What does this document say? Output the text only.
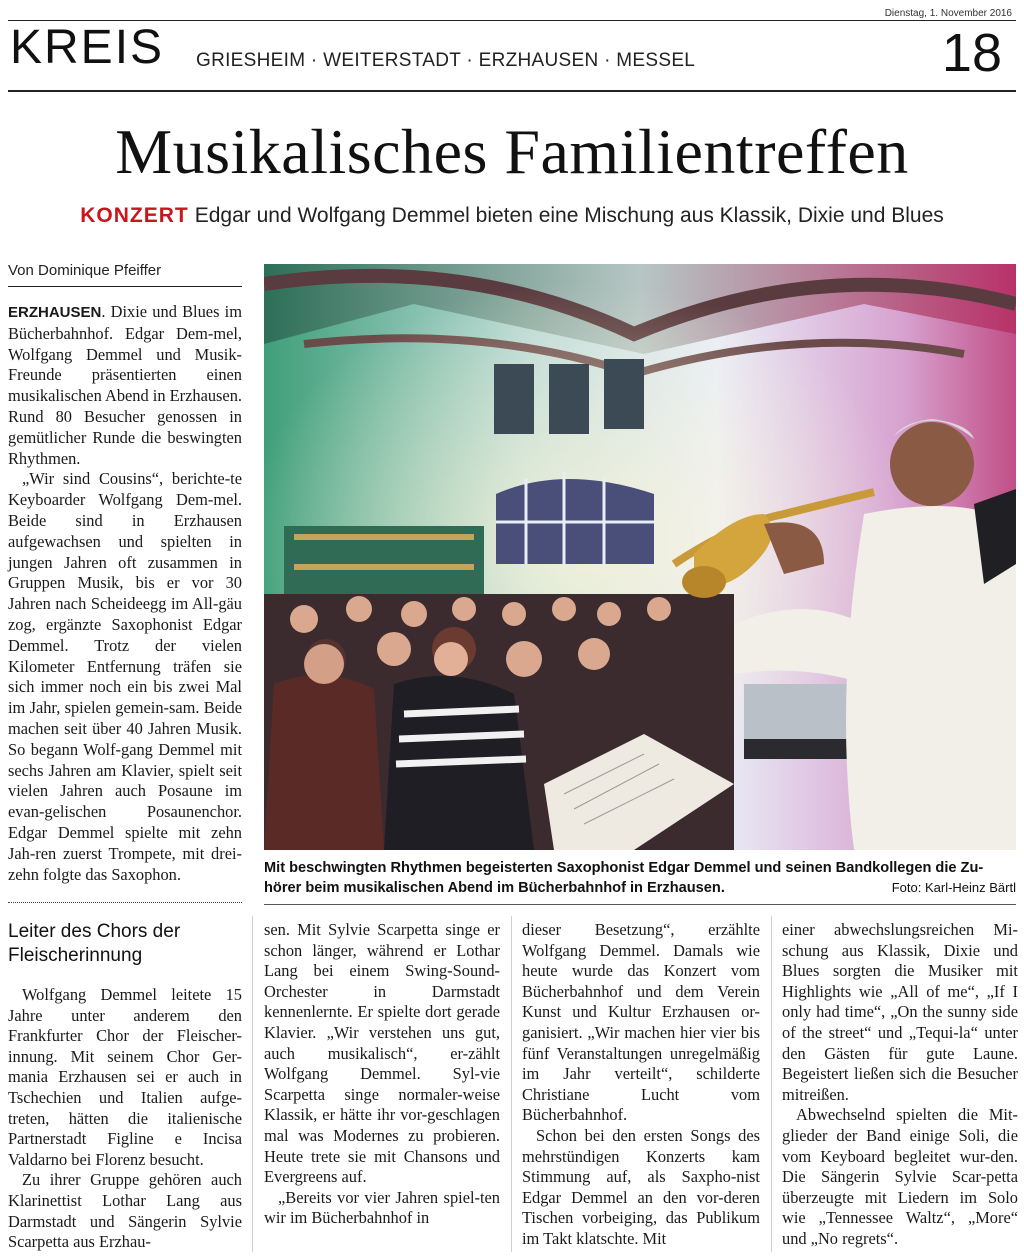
Dienstag, 1. November 2016
KREIS GRIESHEIM · WEITERSTADT · ERZHAUSEN · MESSEL	18
Musikalisches Familientreffen
KONZERT Edgar und Wolfgang Demmel bieten eine Mischung aus Klassik, Dixie und Blues
Von Dominique Pfeiffer

ERZHAUSEN. Dixie und Blues im Bücherbahnhof. Edgar Dem-mel, Wolfgang Demmel und Musik-Freunde präsentierten einen musikalischen Abend in Erzhausen. Rund 80 Besucher genossen in gemütlicher Runde die beswingten Rhythmen.

„Wir sind Cousins“, berichte-te Keyboarder Wolfgang Dem-mel. Beide sind in Erzhausen aufgewachsen und spielten in jungen Jahren oft zusammen in Gruppen Musik, bis er vor 30 Jahren nach Scheideegg im All-gäu zog, ergänzte Saxophonist Edgar Demmel. Trotz der vielen Kilometer Entfernung träfen sie sich immer noch ein bis zwei Mal im Jahr, spielen gemein-sam. Beide machen seit über 40 Jahren Musik. So begann Wolf-gang Demmel mit sechs Jahren am Klavier, spielt seit vielen Jahren auch Posaune im evan-gelischen Posaunenchor. Edgar Demmel spielte mit zehn Jah-ren zuerst Trompete, mit drei-zehn folgte das Saxophon.	Mit beschwingten Rhythmen begeisterten Saxophonist Edgar Demmel und seinen Bandkollegen die Zu-hörer beim musikalischen Abend im Bücherbahnhof in Erzhausen.	Foto: Karl-Heinz Bärtl
Leiter des Chors der Fleischerinnung

Wolfgang Demmel leitete 15 Jahre unter anderem den Frankfurter Chor der Fleischer-innung. Mit seinem Chor Ger-mania Erzhausen sei er auch in Tschechien und Italien aufge-treten, hätten die italienische Partnerstadt Figline e Incisa Valdarno bei Florenz besucht.

Zu ihrer Gruppe gehören auch Klarinettist Lothar Lang aus Darmstadt und Sängerin Sylvie Scarpetta aus Erzhau-

sen. Mit Sylvie Scarpetta singe er schon länger, während er Lothar Lang bei einem Swing-Sound-Orchester in Darmstadt kennenlernte. Er spielte dort gerade Klavier. „Wir verstehen uns gut, auch musikalisch“, er-zählt Wolfgang Demmel. Syl-vie Scarpetta singe normaler-weise Klassik, er hätte ihr vor-geschlagen mal was Modernes zu probieren. Heute trete sie mit Chansons und Evergreens auf.

„Bereits vor vier Jahren spiel-ten wir im Bücherbahnhof in

dieser Besetzung“, erzählte Wolfgang Demmel. Damals wie heute wurde das Konzert vom Bücherbahnhof und dem Verein Kunst und Kultur Erzhausen or-ganisiert. „Wir machen hier vier bis fünf Veranstaltungen unregelmäßig im Jahr verteilt“, schilderte Christiane Lucht vom Bücherbahnhof.

Schon bei den ersten Songs des mehrstündigen Konzerts kam Stimmung auf, als Saxpho-nist Edgar Demmel an den vor-deren Tischen vorbeiging, das Publikum im Takt klatschte. Mit

einer abwechslungsreichen Mi-schung aus Klassik, Dixie und Blues sorgten die Musiker mit Highlights wie „All of me“, „If I only had time“, „On the sunny side of the street“ und „Tequi-la“ unter den Gästen für gute Laune. Begeistert ließen sich die Besucher mitreißen.

Abwechselnd spielten die Mit-glieder der Band einige Soli, die vom Keyboard begleitet wur-den. Die Sängerin Sylvie Scar-petta überzeugte mit Liedern im Solo wie „Tennessee Waltz“, „More“ und „No regrets“.
